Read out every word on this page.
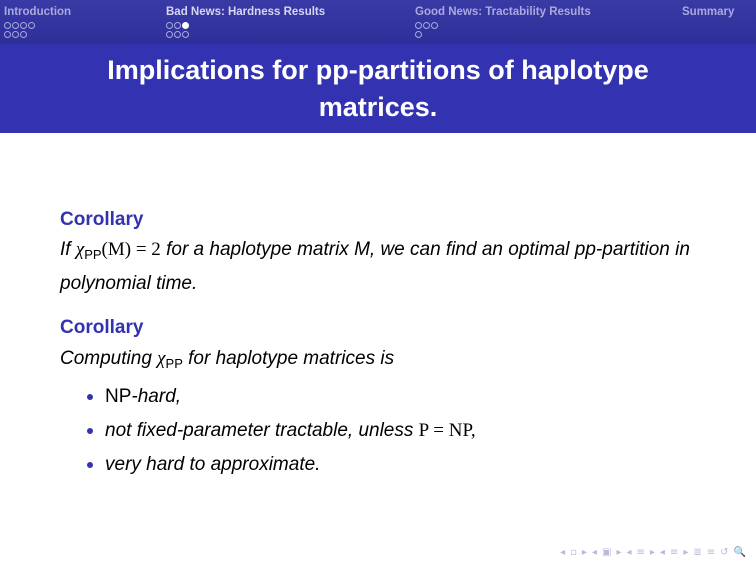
Introduction	Bad News: Hardness Results	Good News: Tractability Results	Summary
Implications for pp-partitions of haplotype matrices.
Corollary
If $\chi_{PP}(M) = 2$ for a haplotype matrix M, we can find an optimal pp-partition in polynomial time.
Corollary
Computing $\chi_{PP}$ for haplotype matrices is
NP-hard,
not fixed-parameter tractable, unless P = NP,
very hard to approximate.
◂ ▫ ▸ ◂ ▣ ▸ ◂ ≡ ▸ ◂ ≡ ▸ ≣ ≡ ↺ 🔍
